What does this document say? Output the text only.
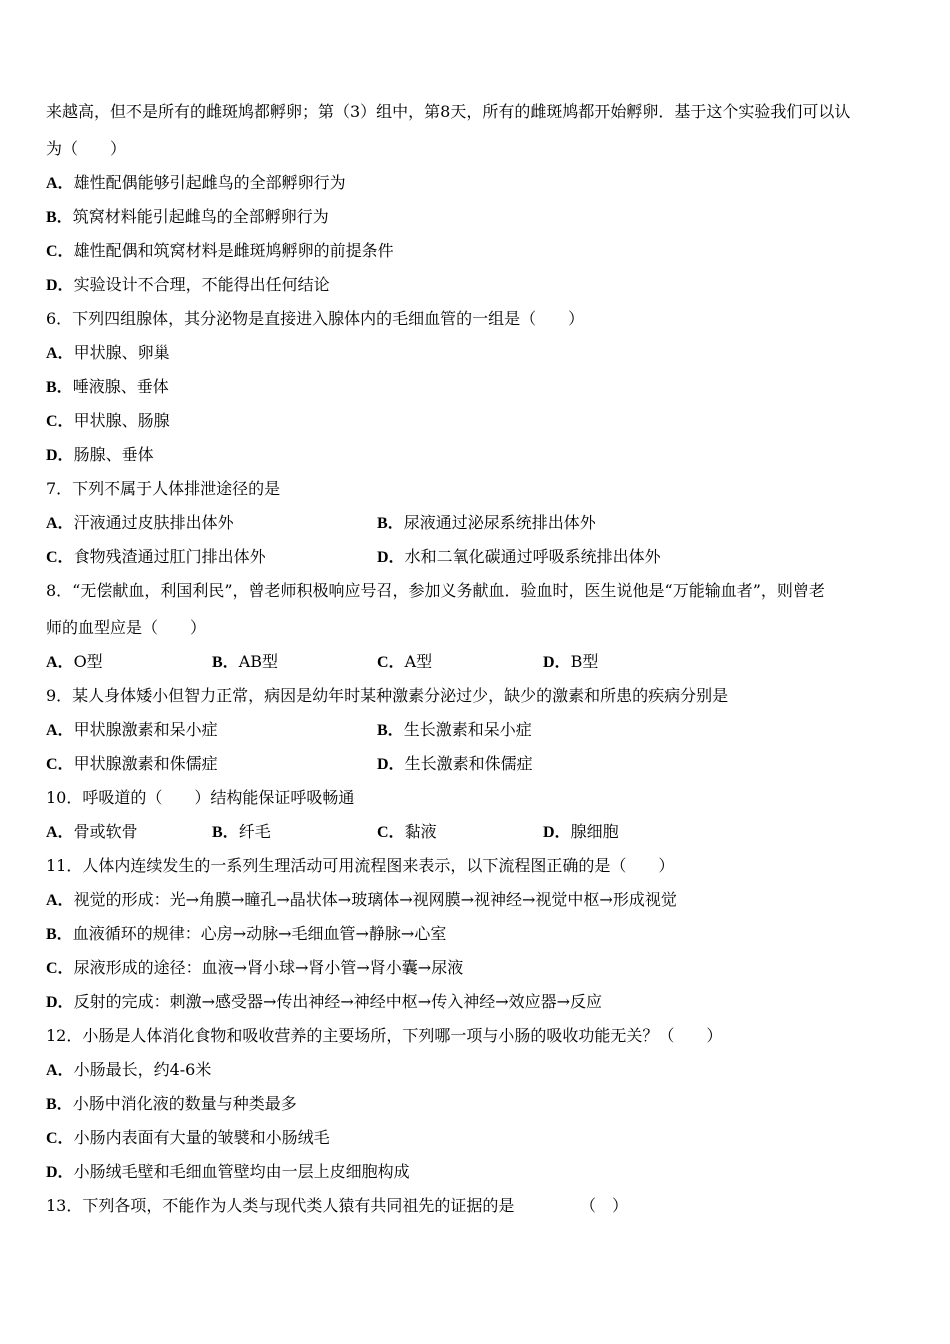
来越高，但不是所有的雌斑鸠都孵卵；第（3）组中，第8天，所有的雌斑鸠都开始孵卵．基于这个实验我们可以认
为（　　）
A．雄性配偶能够引起雌鸟的全部孵卵行为
B．筑窝材料能引起雌鸟的全部孵卵行为
C．雄性配偶和筑窝材料是雌斑鸠孵卵的前提条件
D．实验设计不合理，不能得出任何结论
6．下列四组腺体，其分泌物是直接进入腺体内的毛细血管的一组是（　　）
A．甲状腺、卵巢
B．唾液腺、垂体
C．甲状腺、肠腺
D．肠腺、垂体
7．下列不属于人体排泄途径的是
A．汗液通过皮肤排出体外	B．尿液通过泌尿系统排出体外
C．食物残渣通过肛门排出体外	D．水和二氧化碳通过呼吸系统排出体外
8．“无偿献血，利国利民”，曾老师积极响应号召，参加义务献血．验血时，医生说他是“万能输血者”，则曾老
师的血型应是（　　）
A．O型	B．AB型	C．A型	D．B型
9．某人身体矮小但智力正常，病因是幼年时某种激素分泌过少，缺少的激素和所患的疾病分别是
A．甲状腺激素和呆小症	B．生长激素和呆小症
C．甲状腺激素和侏儒症	D．生长激素和侏儒症
10．呼吸道的（　　）结构能保证呼吸畅通
A．骨或软骨	B．纤毛	C．黏液	D．腺细胞
11．人体内连续发生的一系列生理活动可用流程图来表示，以下流程图正确的是（　　）
A．视觉的形成：光→角膜→瞳孔→晶状体→玻璃体→视网膜→视神经→视觉中枢→形成视觉
B．血液循环的规律：心房→动脉→毛细血管→静脉→心室
C．尿液形成的途径：血液→肾小球→肾小管→肾小囊→尿液
D．反射的完成：刺激→感受器→传出神经→神经中枢→传入神经→效应器→反应
12．小肠是人体消化食物和吸收营养的主要场所，下列哪一项与小肠的吸收功能无关？（　　）
A．小肠最长，约4-6米
B．小肠中消化液的数量与种类最多
C．小肠内表面有大量的皱襞和小肠绒毛
D．小肠绒毛壁和毛细血管壁均由一层上皮细胞构成
13．下列各项，不能作为人类与现代类人猿有共同祖先的证据的是	（　）
